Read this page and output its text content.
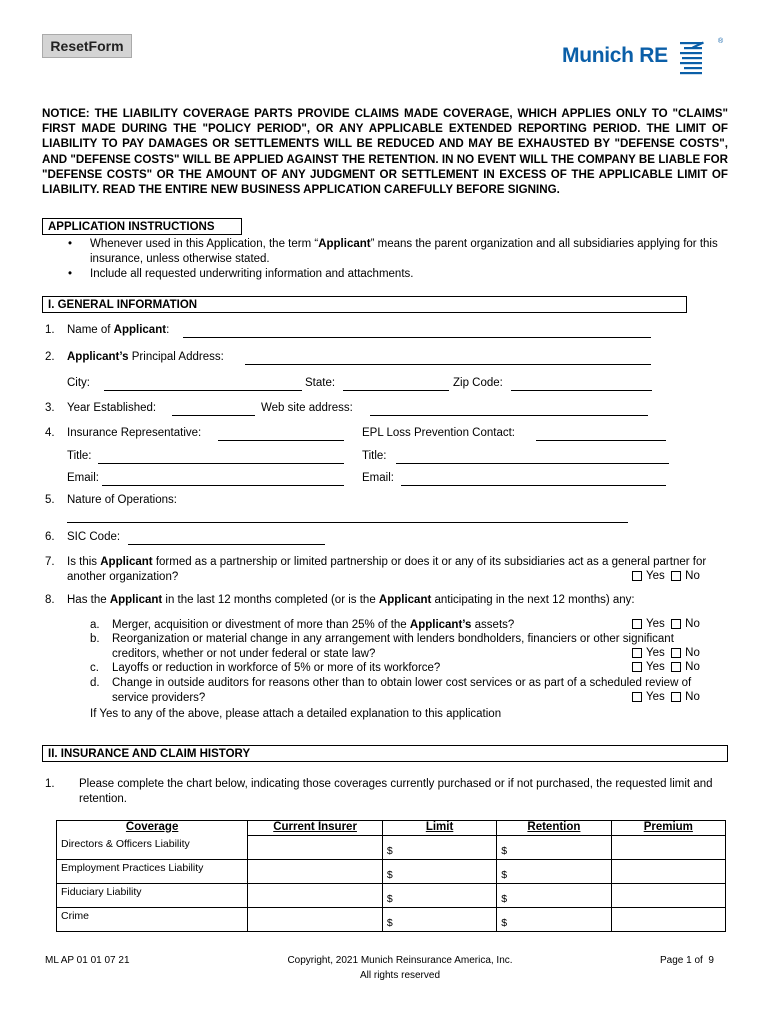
ResetForm	Munich RE
®
NOTICE: THE LIABILITY COVERAGE PARTS PROVIDE CLAIMS MADE COVERAGE, WHICH APPLIES ONLY TO "CLAIMS" FIRST MADE DURING THE "POLICY PERIOD", OR ANY APPLICABLE EXTENDED REPORTING PERIOD. THE LIMIT OF LIABILITY TO PAY DAMAGES OR SETTLEMENTS WILL BE REDUCED AND MAY BE EXHAUSTED BY "DEFENSE COSTS", AND "DEFENSE COSTS" WILL BE APPLIED AGAINST THE RETENTION. IN NO EVENT WILL THE COMPANY BE LIABLE FOR "DEFENSE COSTS" OR THE AMOUNT OF ANY JUDGMENT OR SETTLEMENT IN EXCESS OF THE APPLICABLE LIMIT OF LIABILITY. READ THE ENTIRE NEW BUSINESS APPLICATION CAREFULLY BEFORE SIGNING.
APPLICATION INSTRUCTIONS
• Whenever used in this Application, the term “Applicant” means the parent organization and all subsidiaries applying for this insurance, unless otherwise stated.
• Include all requested underwriting information and attachments.
I. GENERAL INFORMATION
1. Name of Applicant:
2. Applicant’s Principal Address:
City:	State:	Zip Code:
3. Year Established:	Web site address:
4. Insurance Representative:	EPL Loss Prevention Contact:
Title:	Title:
Email:	Email:
5. Nature of Operations:
6. SIC Code:
7.	Is this Applicant formed as a partnership or limited partnership or does it or any of its subsidiaries act as a general partner for another organization?	Yes No
8. Has the Applicant in the last 12 months completed (or is the Applicant anticipating in the next 12 months) any:
a. Merger, acquisition or divestment of more than 25% of the Applicant’s assets?	Yes No
b. Reorganization or material change in any arrangement with lenders bondholders, financiers or other significant creditors, whether or not under federal or state law?	Yes No
c. Layoffs or reduction in workforce of 5% or more of its workforce?	Yes No
d. Change in outside auditors for reasons other than to obtain lower cost services or as part of a scheduled review of service providers?	Yes No
If Yes to any of the above, please attach a detailed explanation to this application
II. INSURANCE AND CLAIM HISTORY
1. Please complete the chart below, indicating those coverages currently purchased or if not purchased, the requested limit and retention.
Coverage	Current Insurer	Limit	Retention	Premium
Directors & Officers Liability		$	$	
Employment Practices Liability		$	$	
Fiduciary Liability		$	$	
Crime		$	$	
ML AP 01 01 07 21	Copyright, 2021 Munich Reinsurance America, Inc.
All rights reserved
Page 1 of  9
